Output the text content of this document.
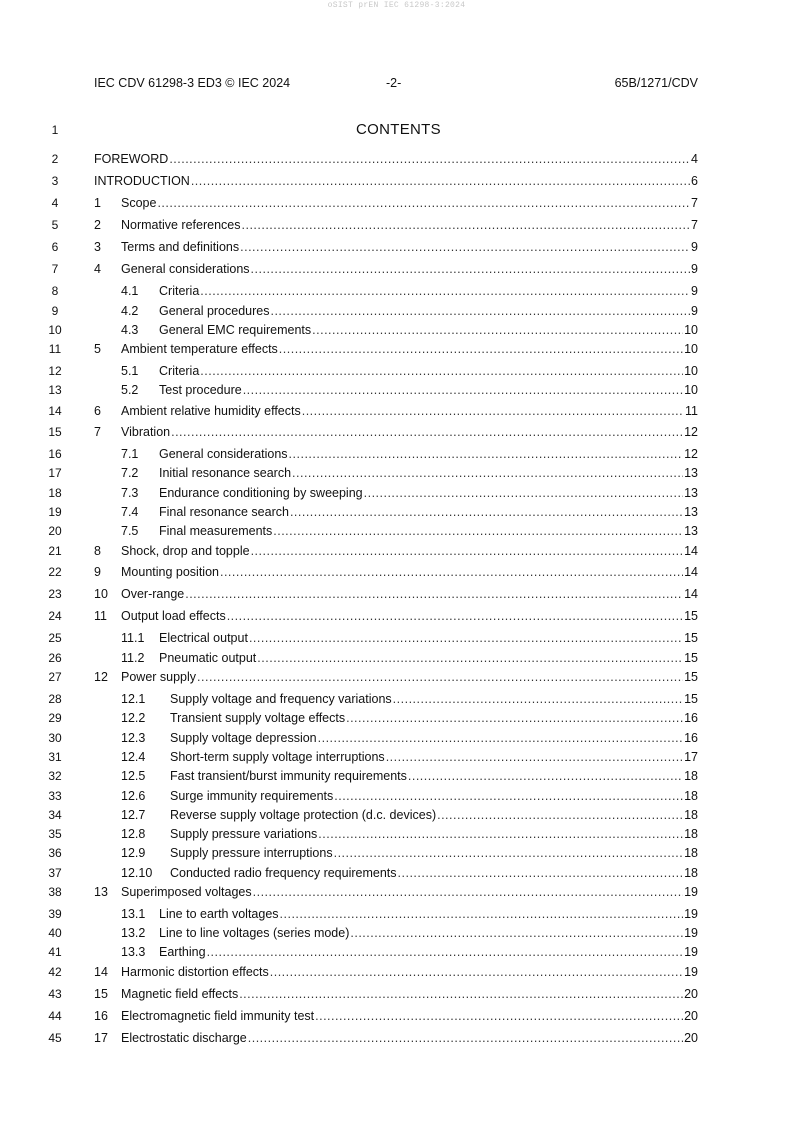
oSIST prEN IEC 61298-3:2024
IEC CDV 61298-3 ED3 © IEC 2024	-2-	65B/1271/CDV
1	CONTENTS
2	FOREWORD .....	4
3	INTRODUCTION .....	6
4	1	Scope .....	7
5	2	Normative references .....	7
6	3	Terms and definitions .....	9
7	4	General considerations .....	9
8	4.1	Criteria .....	9
9	4.2	General procedures .....	9
10	4.3	General EMC requirements .....	10
11	5	Ambient temperature effects .....	10
12	5.1	Criteria .....	10
13	5.2	Test procedure .....	10
14	6	Ambient relative humidity effects .....	11
15	7	Vibration .....	12
16	7.1	General considerations .....	12
17	7.2	Initial resonance search .....	13
18	7.3	Endurance conditioning by sweeping .....	13
19	7.4	Final resonance search .....	13
20	7.5	Final measurements .....	13
21	8	Shock, drop and topple .....	14
22	9	Mounting position .....	14
23	10	Over-range .....	14
24	11	Output load effects .....	15
25	11.1	Electrical output .....	15
26	11.2	Pneumatic output .....	15
27	12	Power supply .....	15
28	12.1	Supply voltage and frequency variations .....	15
29	12.2	Transient supply voltage effects .....	16
30	12.3	Supply voltage depression .....	16
31	12.4	Short-term supply voltage interruptions .....	17
32	12.5	Fast transient/burst immunity requirements .....	18
33	12.6	Surge immunity requirements .....	18
34	12.7	Reverse supply voltage protection (d.c. devices) .....	18
35	12.8	Supply pressure variations .....	18
36	12.9	Supply pressure interruptions .....	18
37	12.10	Conducted radio frequency requirements .....	18
38	13	Superimposed voltages .....	19
39	13.1	Line to earth voltages .....	19
40	13.2	Line to line voltages (series mode) .....	19
41	13.3	Earthing .....	19
42	14	Harmonic distortion effects .....	19
43	15	Magnetic field effects .....	20
44	16	Electromagnetic field immunity test .....	20
45	17	Electrostatic discharge .....	20
